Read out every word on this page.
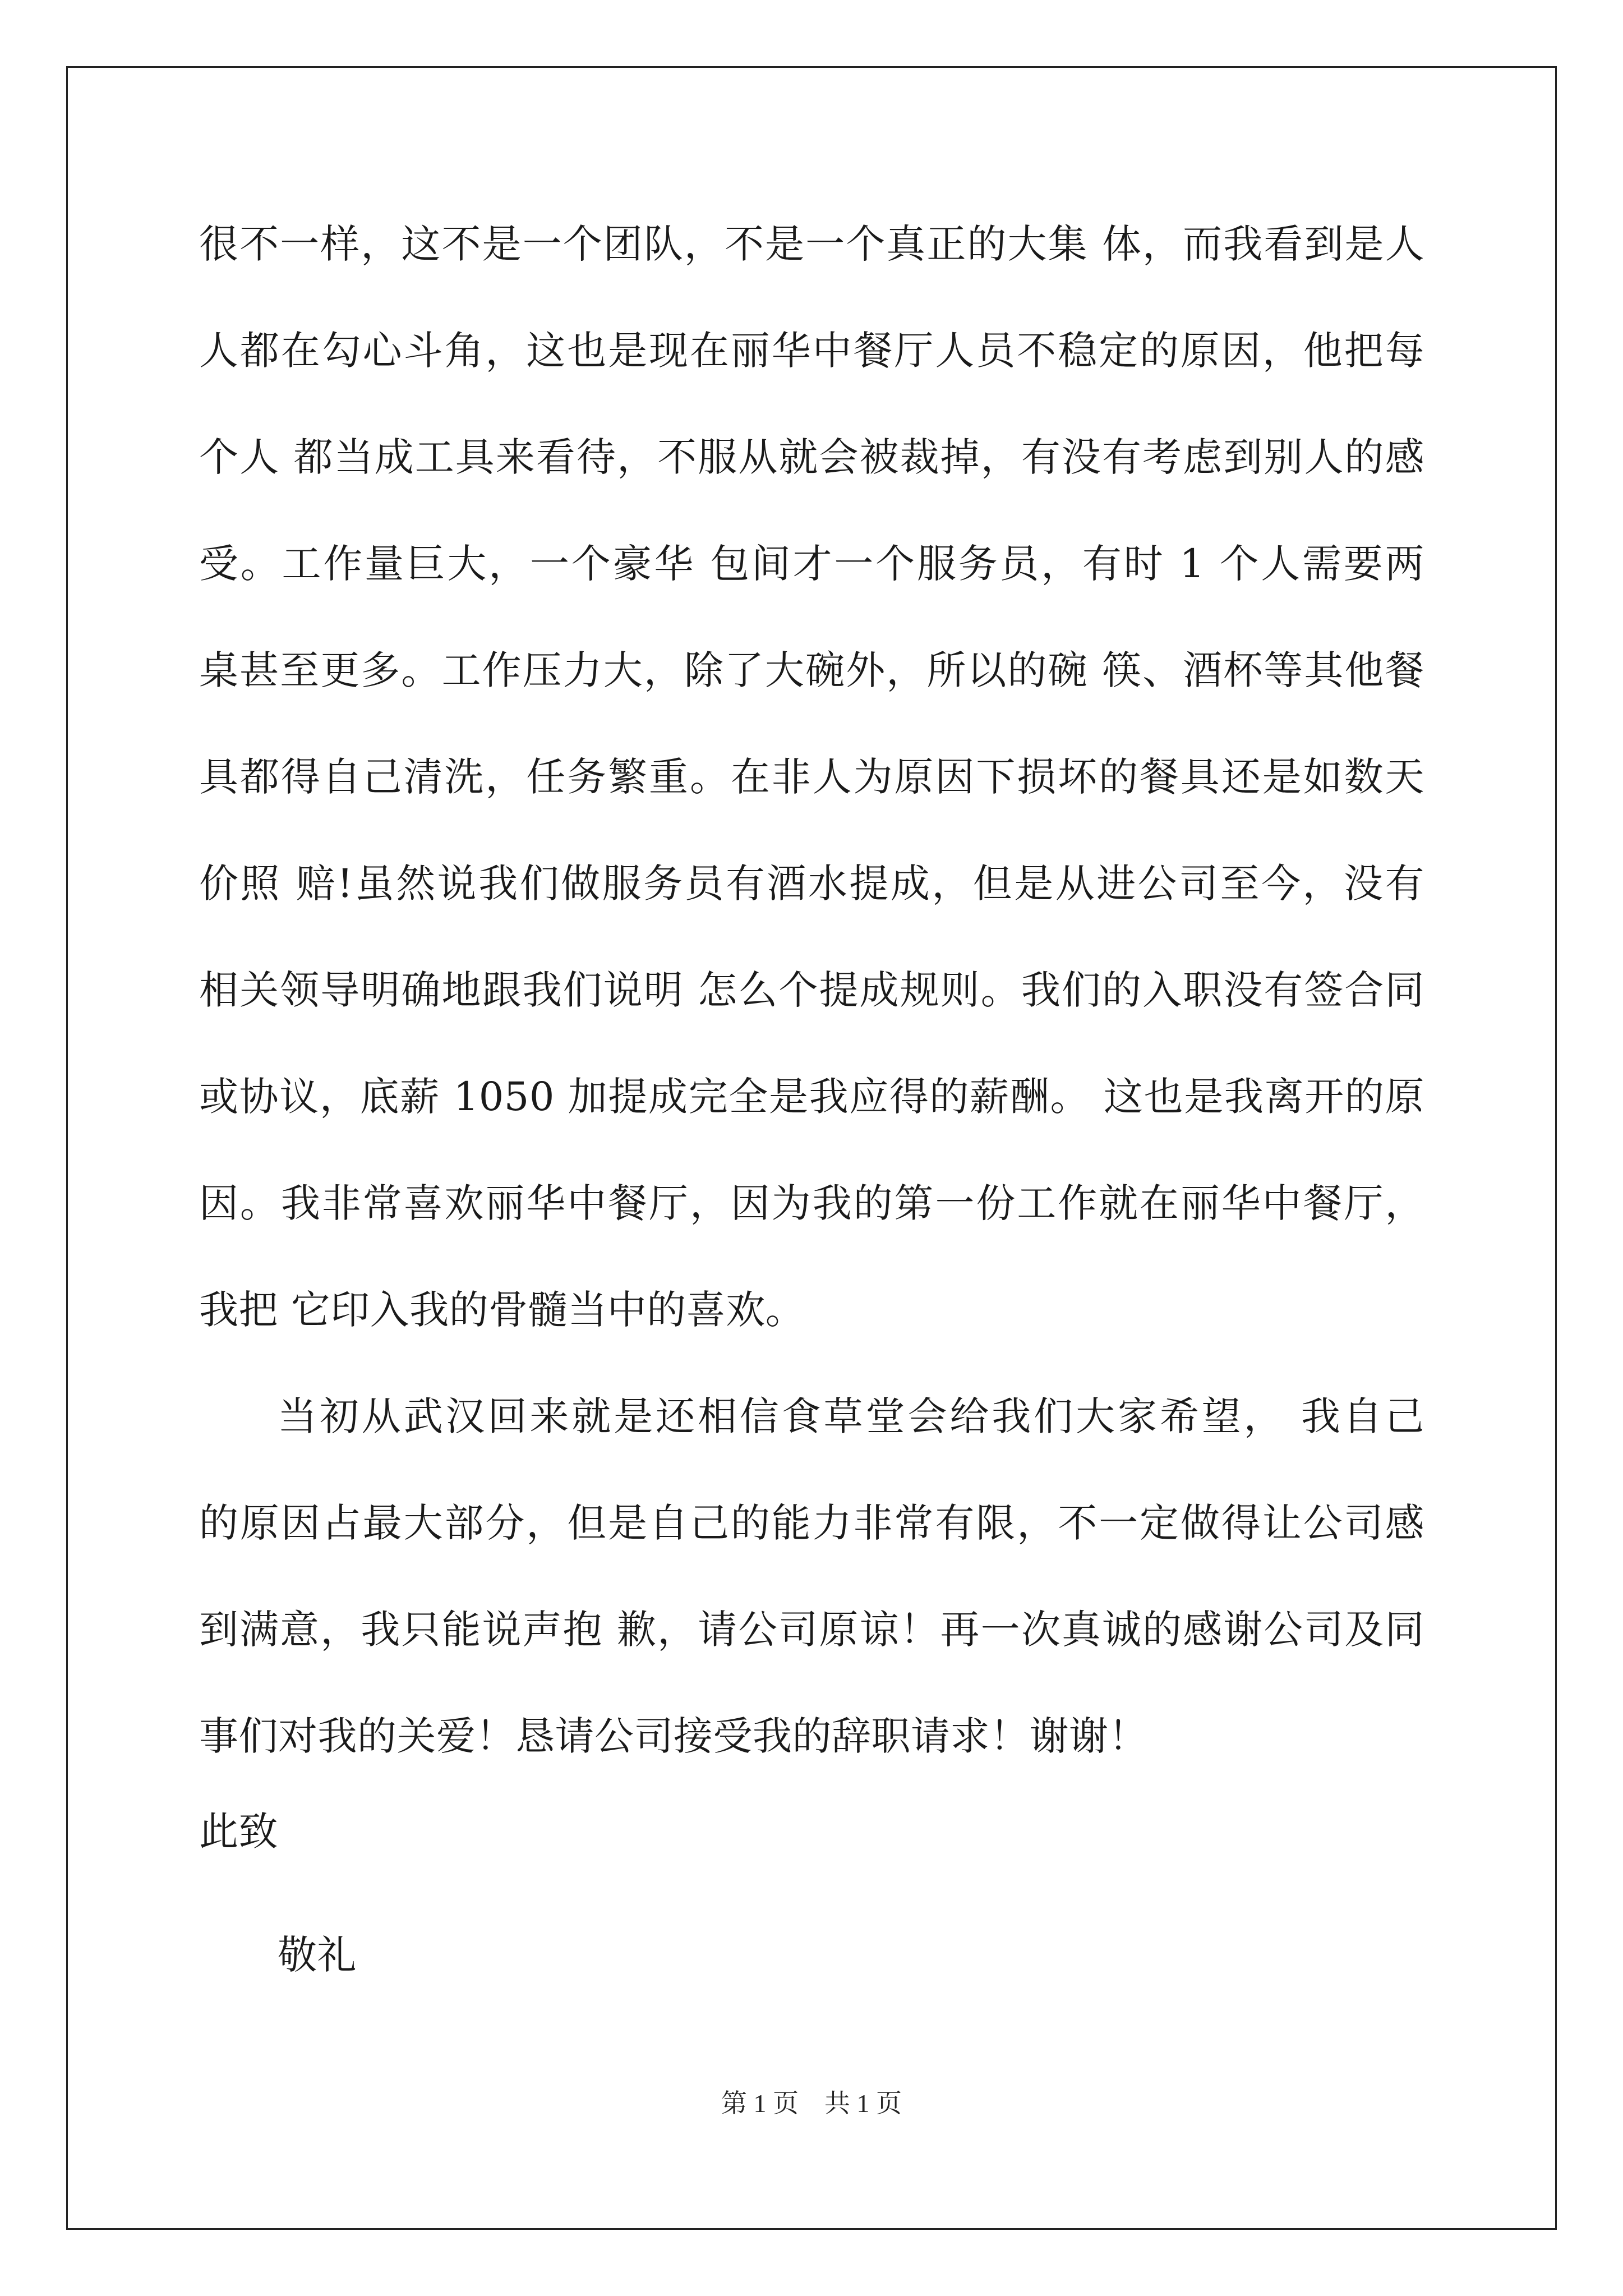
很不一样，这不是一个团队，不是一个真正的大集 体，而我看到是人
人都在勾心斗角，这也是现在丽华中餐厅人员不稳定的原因，他把每
个人 都当成工具来看待，不服从就会被裁掉，有没有考虑到别人的感
受。工作量巨大，一个豪华 包间才一个服务员，有时 1 个人需要两
桌甚至更多。工作压力大，除了大碗外，所以的碗 筷、酒杯等其他餐
具都得自己清洗，任务繁重。在非人为原因下损坏的餐具还是如数天
价照 赔!虽然说我们做服务员有酒水提成，但是从进公司至今，没有
相关领导明确地跟我们说明 怎么个提成规则。我们的入职没有签合同
或协议，底薪 1050 加提成完全是我应得的薪酬。 这也是我离开的原
因。我非常喜欢丽华中餐厅，因为我的第一份工作就在丽华中餐厅，
我把 它印入我的骨髓当中的喜欢。
当初从武汉回来就是还相信食草堂会给我们大家希望， 我自己
的原因占最大部分，但是自己的能力非常有限，不一定做得让公司感
到满意，我只能说声抱 歉，请公司原谅！再一次真诚的感谢公司及同
事们对我的关爱！恳请公司接受我的辞职请求！谢谢！
此致
敬礼
第 1 页　共 1 页
